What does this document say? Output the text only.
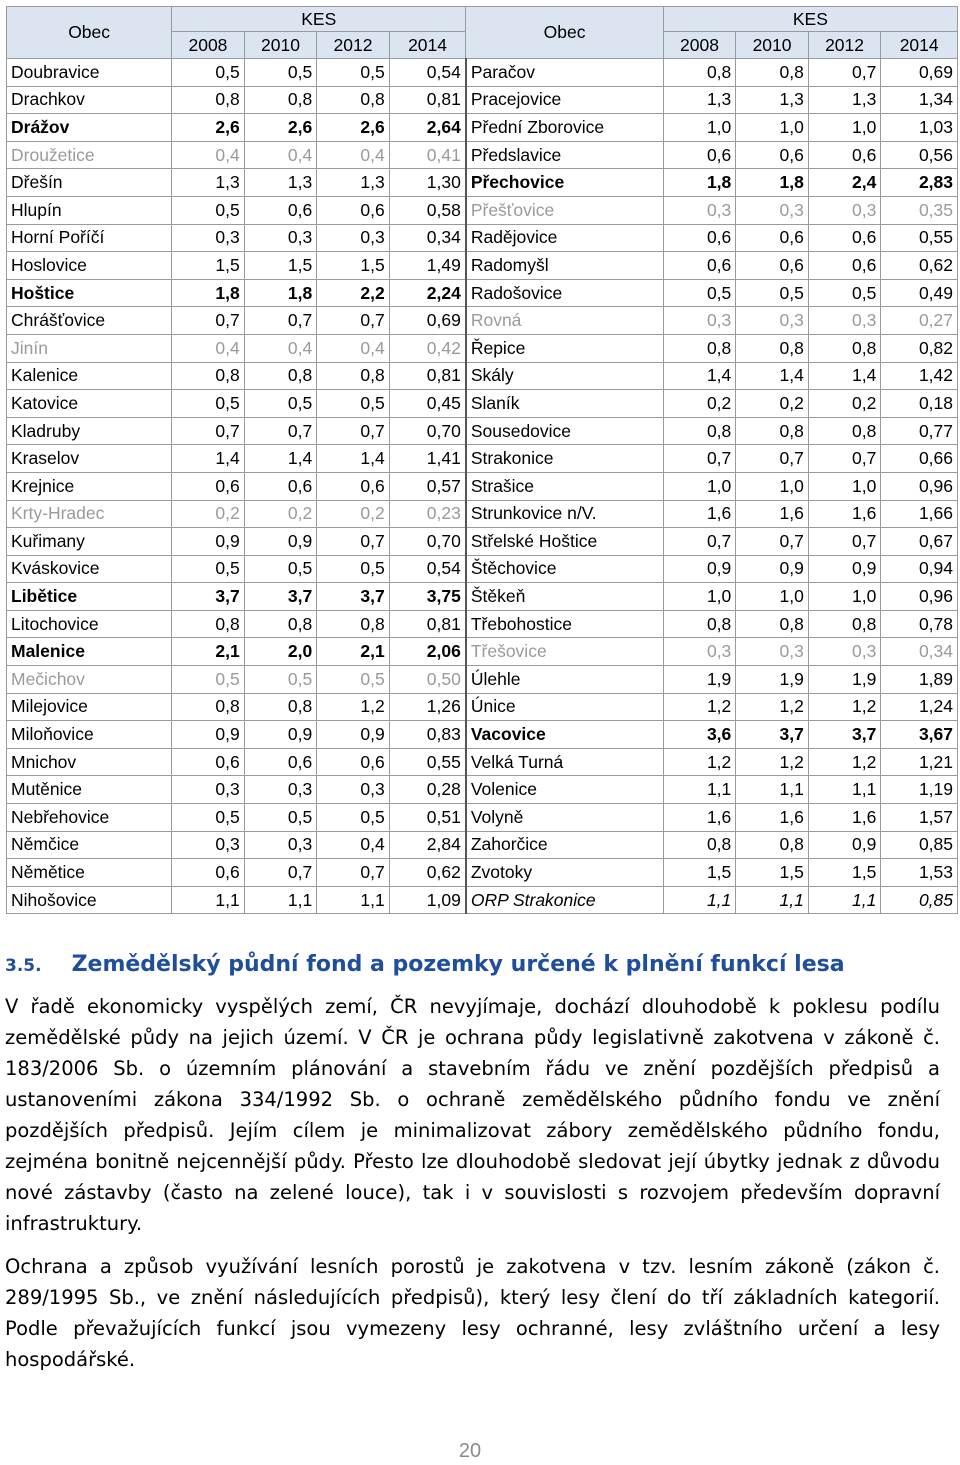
Obec	KES				Obec	KES			
	2008	2010	2012	2014		2008	2010	2012	2014
Doubravice	0,5	0,5	0,5	0,54	Paračov	0,8	0,8	0,7	0,69
Drachkov	0,8	0,8	0,8	0,81	Pracejovice	1,3	1,3	1,3	1,34
Drážov	2,6	2,6	2,6	2,64	Přední Zborovice	1,0	1,0	1,0	1,03
Droužetice	0,4	0,4	0,4	0,41	Předslavice	0,6	0,6	0,6	0,56
Dřešín	1,3	1,3	1,3	1,30	Přechovice	1,8	1,8	2,4	2,83
Hlupín	0,5	0,6	0,6	0,58	Přešťovice	0,3	0,3	0,3	0,35
Horní Poříčí	0,3	0,3	0,3	0,34	Radějovice	0,6	0,6	0,6	0,55
Hoslovice	1,5	1,5	1,5	1,49	Radomyšl	0,6	0,6	0,6	0,62
Hoštice	1,8	1,8	2,2	2,24	Radošovice	0,5	0,5	0,5	0,49
Chrášťovice	0,7	0,7	0,7	0,69	Rovná	0,3	0,3	0,3	0,27
Jinín	0,4	0,4	0,4	0,42	Řepice	0,8	0,8	0,8	0,82
Kalenice	0,8	0,8	0,8	0,81	Skály	1,4	1,4	1,4	1,42
Katovice	0,5	0,5	0,5	0,45	Slaník	0,2	0,2	0,2	0,18
Kladruby	0,7	0,7	0,7	0,70	Sousedovice	0,8	0,8	0,8	0,77
Kraselov	1,4	1,4	1,4	1,41	Strakonice	0,7	0,7	0,7	0,66
Krejnice	0,6	0,6	0,6	0,57	Strašice	1,0	1,0	1,0	0,96
Krty-Hradec	0,2	0,2	0,2	0,23	Strunkovice n/V.	1,6	1,6	1,6	1,66
Kuřimany	0,9	0,9	0,7	0,70	Střelské Hoštice	0,7	0,7	0,7	0,67
Kváskovice	0,5	0,5	0,5	0,54	Štěchovice	0,9	0,9	0,9	0,94
Libětice	3,7	3,7	3,7	3,75	Štěkeň	1,0	1,0	1,0	0,96
Litochovice	0,8	0,8	0,8	0,81	Třebohostice	0,8	0,8	0,8	0,78
Malenice	2,1	2,0	2,1	2,06	Třešovice	0,3	0,3	0,3	0,34
Mečichov	0,5	0,5	0,5	0,50	Úlehle	1,9	1,9	1,9	1,89
Milejovice	0,8	0,8	1,2	1,26	Únice	1,2	1,2	1,2	1,24
Miloňovice	0,9	0,9	0,9	0,83	Vacovice	3,6	3,7	3,7	3,67
Mnichov	0,6	0,6	0,6	0,55	Velká Turná	1,2	1,2	1,2	1,21
Mutěnice	0,3	0,3	0,3	0,28	Volenice	1,1	1,1	1,1	1,19
Nebřehovice	0,5	0,5	0,5	0,51	Volyně	1,6	1,6	1,6	1,57
Němčice	0,3	0,3	0,4	2,84	Zahorčice	0,8	0,8	0,9	0,85
Němětice	0,6	0,7	0,7	0,62	Zvotoky	1,5	1,5	1,5	1,53
Nihošovice	1,1	1,1	1,1	1,09	ORP Strakonice	1,1	1,1	1,1	0,85
3.5. Zemědělský půdní fond a pozemky určené k plnění funkcí lesa

V řadě ekonomicky vyspělých zemí, ČR nevyjímaje, dochází dlouhodobě k poklesu podílu zemědělské půdy na jejich území. V ČR je ochrana půdy legislativně zakotvena v zákoně č. 183/2006 Sb. o územním plánování a stavebním řádu ve znění pozdějších předpisů a ustanoveními zákona 334/1992 Sb. o ochraně zemědělského půdního fondu ve znění pozdějších předpisů. Jejím cílem je minimalizovat zábory zemědělského půdního fondu, zejména bonitně nejcennější půdy. Přesto lze dlouhodobě sledovat její úbytky jednak z důvodu nové zástavby (často na zelené louce), tak i v souvislosti s rozvojem především dopravní infrastruktury.

Ochrana a způsob využívání lesních porostů je zakotvena v tzv. lesním zákoně (zákon č. 289/1995 Sb., ve znění následujících předpisů), který lesy člení do tří základních kategorií. Podle převažujících funkcí jsou vymezeny lesy ochranné, lesy zvláštního určení a lesy hospodářské.

20
